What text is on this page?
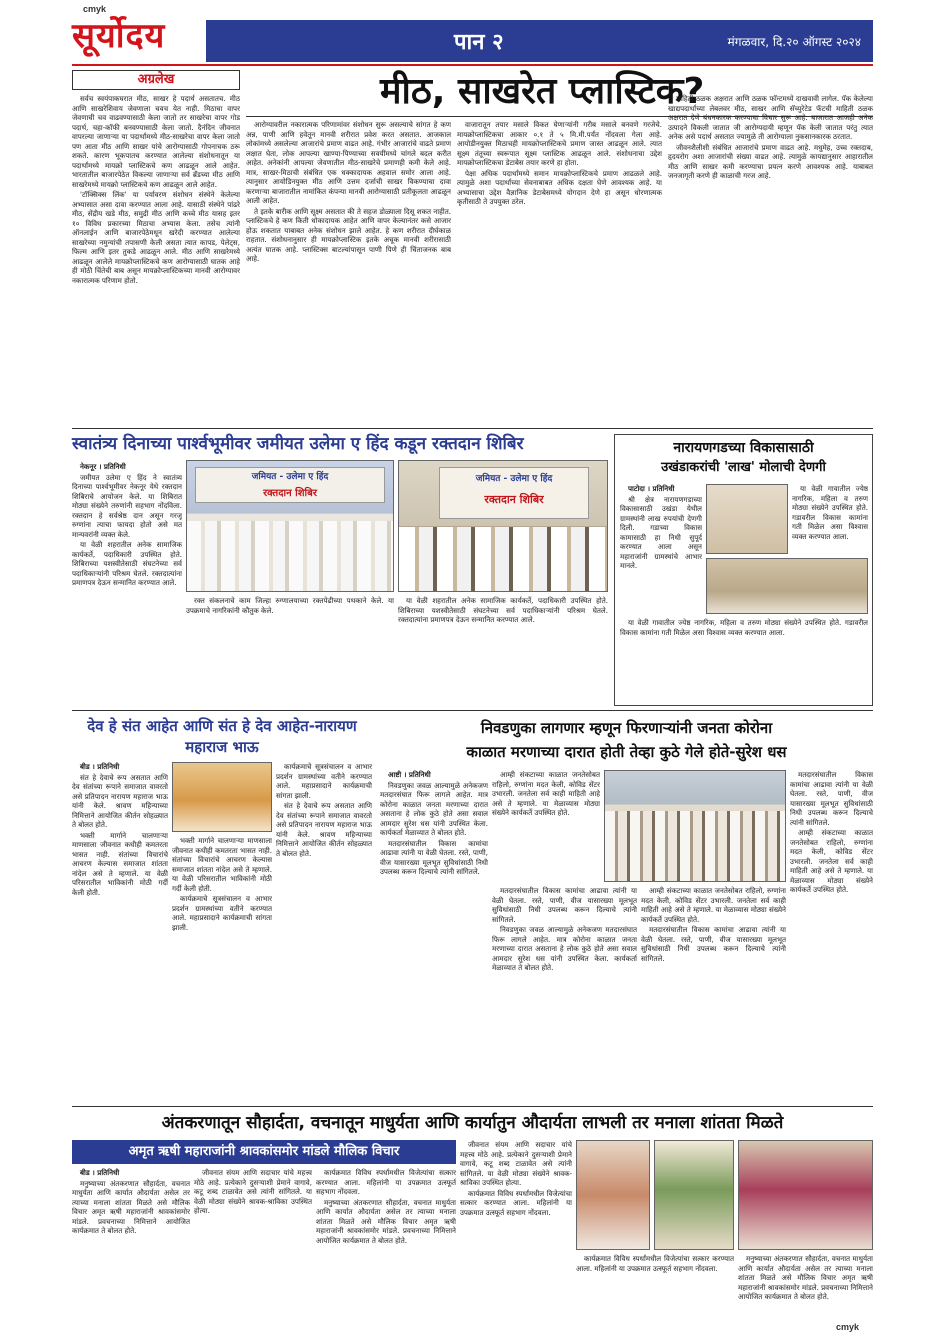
cmyk
सूर्योदय	पान २	मंगळवार, दि.२० ऑगस्ट २०२४
अग्रलेख	मीठ, साखरेत प्लास्टिक?

सर्वच स्वयंपाकघरात मीठ, साखर हे पदार्थ असतातच. मीठ आणि साखरेशिवाय जेवणाला चवच येत नाही. मिठाचा वापर जेवणाची चव वाढवण्यासाठी केला जातो तर साखरेचा वापर गोड पदार्थ, चहा-कॉफी बनवण्यासाठी केला जातो. दैनंदिन जीवनात वापरल्या जाणाऱ्या या पदार्थांमध्ये मीठ-साखरेचा वापर केला जातो पण आता मीठ आणि साखर यांचे आरोग्यासाठी गोपनाचक ठरू शकते. कारण भूकपातच करण्यात आलेल्या संशोधनातून या पदार्थांमध्ये मायक्रो प्लास्टिकचे कण आढळून आले आहेत. भारतातील बाजारपेठेत विकल्या जाणाऱ्या सर्व ब्रँडच्या मीठ आणि साखरेमध्ये मायक्रो प्लास्टिकचे कण आढळून आले आहेत.

'टॉक्सिक्स लिंक' या पर्यावरण संशोधन संस्थेने केलेल्या अभ्यासात असा दावा करण्यात आला आहे. यासाठी संस्थेने पांढरे मीठ, सेंद्रीय खडे मीठ, समुद्री मीठ आणि कच्चे मीठ यासह इतर १० विविध प्रकारच्या मिठाचा अभ्यास केला. तसेच त्यांनी ऑनलाईन आणि बाजारपेठेमधून खरेदी करण्यात आलेल्या साखरेच्या नमुन्यांची तपासणी केली असता त्यात कापड, पेलेट्स, फिल्म आणि इतर तुकडे आढळून आले. मीठ आणि साखरेमध्ये आढळून आलेले मायक्रोप्लास्टिकचे कण आरोग्यासाठी घातक आहे ही मोठी चिंतेची बाब असून मायक्रोप्लास्टिकच्या मानवी आरोग्यावर नकारात्मक परिणाम होतो.

आरोग्यावरील नकारात्मक परिणामांवर संशोधन सुरू असल्याचे सांगत हे कण अन्न, पाणी आणि हवेतून मानवी शरीरात प्रवेश करत असतात. आजकाल लोकांमध्ये असलेल्या आजारांचे प्रमाण वाढत आहे. गंभीर आजारांचे वाढते प्रमाण लक्षात घेता, लोक आपल्या खाण्या-पिण्याच्या सवयींमध्ये चांगले बदल करीत आहेत. अनेकांनी आपल्या जेवणातील मीठ-साखरेचे प्रमाणही कमी केले आहे. मात्र, साखर-मिठाची संबंधित एक धक्कादायक अहवाल समोर आला आहे. त्यानुसार आयोडिनयुक्त मीठ आणि उत्तम दर्जाची साखर विकण्याचा दावा करणाऱ्या बाजारातील नामांकित कंपन्या मानवी आरोग्यासाठी प्रतीकूलता आढळून आली आहेत.

ते इतके बारीक आणि सूक्ष्म असतात की ते सहज डोळ्याला दिसू शकत नाहीत. प्लास्टिकचे हे कण किती धोकादायक आहेत आणि वापर केल्यानंतर कसे आजार होऊ शकतात याबाबत अनेक संशोधन झाले आहेत. हे कण शरीरात दीर्घकाळ राहतात. संशोधनानुसार ही मायक्रोप्लास्टिक इतके अचूक मानवी शरीरासाठी अत्यंत घातक आहे. प्लास्टिक्स बाटल्यांपासून पाणी पिणे ही चिंताजनक बाब आहे.

वाजारातून तयार मसाले विकत घेणाऱ्यांनी गरीब मसाले बनवणे गरजेचे. मायक्रोप्लास्टिकचा आकार ०.१ ते ५ मि.मी.पर्यंत नोंदवला गेला आहे. आयोडीनयुक्त मिठाचही मायक्रोप्लास्टिकचे प्रमाण जास्त आढळून आले. त्यात सूक्ष्म तंतूच्या स्वरूपात सूक्ष्म प्लास्टिक आढळून आले. संशोधनाचा उद्देश मायक्रोप्लास्टिकचा डेटाबेस तयार करणे हा होता.

पेक्षा अधिक पदार्थांमध्ये समान मायक्रोप्लास्टिकचे प्रमाण आढळले आहे. त्यामुळे अशा पदार्थांच्या सेवनाबाबत अधिक दक्षता घेणे आवश्यक आहे. या अभ्यासाचा उद्देश वैज्ञानिक डेटाबेसमध्ये योगदान देणे हा असून धोरणात्मक कृतीसाठी ते उपयुक्त ठरेल.

माहिती ठळक अक्षरात आणि ठळक फॉन्टमध्ये दाखवावी लागेल. पॅक केलेल्या खाद्यपदार्थांच्या लेबलवर मीठ, साखर आणि सॅच्युरेटेड फॅटची माहिती ठळक अक्षरात देणे बंधनकारक करण्याचा विचार सुरू आहे. बाजारात आजही अनेक उत्पादने विकली जातात जी आरोग्यदायी म्हणून पॅक केली जातात परंतु त्यात अनेक असे पदार्थ असतात ज्यामुळे ती आरोग्याला नुकसानकारक ठरतात.

जीवनशैलीशी संबंधित आजारांचे प्रमाण वाढत आहे. मधुमेह, उच्च रक्तदाब, हृदयरोग अशा आजारांची संख्या वाढत आहे. त्यामुळे कायद्यानुसार आहारातील मीठ आणि साखर कमी करण्याचा प्रयत्न करणे आवश्यक आहे. याबाबत जनजागृती करणे ही काळाची गरज आहे.

स्वातंत्र्य दिनाच्या पार्श्वभूमीवर जमीयत उलेमा ए हिंद कडून रक्तदान शिबिर

नेकनूर । प्रतिनिधी

जमीयत उलेमा ए हिंद ने स्वातंत्र्य दिनाच्या पार्श्वभूमीवर नेकनूर येथे रक्तदान शिबिराचे आयोजन केले. या शिबिरात मोठ्या संख्येने तरुणांनी सहभाग नोंदविला. रक्तदान हे सर्वश्रेष्ठ दान असून गरजू रुग्णांना त्याचा फायदा होतो असे मत मान्यवरांनी व्यक्त केले.

या वेळी शहरातील अनेक सामाजिक कार्यकर्ते, पदाधिकारी उपस्थित होते. शिबिराच्या यशस्वीतेसाठी संघटनेच्या सर्व पदाधिकाऱ्यांनी परिश्रम घेतले. रक्तदात्यांना प्रमाणपत्र देऊन सन्मानित करण्यात आले.

जमियत - उलेमा ए हिंद
रक्तदान शिबिर
जमियत - उलेमा ए हिंद
रक्तदान शिबिर

रक्त संकलनाचे काम जिल्हा रुग्णालयाच्या रक्तपेढीच्या पथकाने केले. या उपक्रमाचे नागरिकांनी कौतुक केले.

या वेळी शहरातील अनेक सामाजिक कार्यकर्ते, पदाधिकारी उपस्थित होते. शिबिराच्या यशस्वीतेसाठी संघटनेच्या सर्व पदाधिकाऱ्यांनी परिश्रम घेतले. रक्तदात्यांना प्रमाणपत्र देऊन सन्मानित करण्यात आले.

नारायणगडच्या विकासासाठी
उखंडाकरांची 'लाख' मोलाची देणगी

पाटोदा । प्रतिनिधी

श्री क्षेत्र नारायणगडाच्या विकासासाठी उखंडा येथील ग्रामस्थांनी लाख रुपयांची देणगी दिली. गडाच्या विकास कामासाठी हा निधी सुपूर्द करण्यात आला असून महाराजांनी ग्रामस्थांचे आभार मानले.

या वेळी गावातील ज्येष्ठ नागरिक, महिला व तरुण मोठ्या संख्येने उपस्थित होते. गडावरील विकास कामांना गती मिळेल असा विश्वास व्यक्त करण्यात आला.

या वेळी गावातील ज्येष्ठ नागरिक, महिला व तरुण मोठ्या संख्येने उपस्थित होते. गडावरील विकास कामांना गती मिळेल असा विश्वास व्यक्त करण्यात आला.

देव हे संत आहेत आणि संत हे देव आहेत-नारायण महाराज भाऊ

बीड । प्रतिनिधी

संत हे देवाचे रूप असतात आणि देव संतांच्या रूपाने समाजात वावरतो असे प्रतिपादन नारायण महाराज भाऊ यांनी केले. श्रावण महिन्याच्या निमित्ताने आयोजित कीर्तन सोहळ्यात ते बोलत होते.

भक्ती मार्गाने चालणाऱ्या माणसाला जीवनात कधीही कमतरता भासत नाही. संतांच्या विचारांचे आचरण केल्यास समाजात शांतता नांदेल असे ते म्हणाले. या वेळी परिसरातील भाविकांनी मोठी गर्दी केली होती.

भक्ती मार्गाने चालणाऱ्या माणसाला जीवनात कधीही कमतरता भासत नाही. संतांच्या विचारांचे आचरण केल्यास समाजात शांतता नांदेल असे ते म्हणाले. या वेळी परिसरातील भाविकांनी मोठी गर्दी केली होती.

कार्यक्रमाचे सूत्रसंचालन व आभार प्रदर्शन ग्रामस्थांच्या वतीने करण्यात आले. महाप्रसादाने कार्यक्रमाची सांगता झाली.

कार्यक्रमाचे सूत्रसंचालन व आभार प्रदर्शन ग्रामस्थांच्या वतीने करण्यात आले. महाप्रसादाने कार्यक्रमाची सांगता झाली.

संत हे देवाचे रूप असतात आणि देव संतांच्या रूपाने समाजात वावरतो असे प्रतिपादन नारायण महाराज भाऊ यांनी केले. श्रावण महिन्याच्या निमित्ताने आयोजित कीर्तन सोहळ्यात ते बोलत होते.

निवडणुका लागणार म्हणून फिरणाऱ्यांनी जनता कोरोना
काळात मरणाच्या दारात होती तेव्हा कुठे गेले होते-सुरेश धस

आष्टी । प्रतिनिधी

निवडणुका जवळ आल्यामुळे अनेकजण मतदारसंघात फिरू लागले आहेत. मात्र कोरोना काळात जनता मरणाच्या दारात असताना हे लोक कुठे होते असा सवाल आमदार सुरेश धस यांनी उपस्थित केला. कार्यकर्ता मेळाव्यात ते बोलत होते.

मतदारसंघातील विकास कामांचा आढावा त्यांनी या वेळी घेतला. रस्ते, पाणी, वीज यासारख्या मूलभूत सुविधांसाठी निधी उपलब्ध करून दिल्याचे त्यांनी सांगितले.

आम्ही संकटाच्या काळात जनतेसोबत राहिलो, रुग्णांना मदत केली, कोविड सेंटर उभारली. जनतेला सर्व काही माहिती आहे असे ते म्हणाले. या मेळाव्यास मोठ्या संख्येने कार्यकर्ते उपस्थित होते.

मतदारसंघातील विकास कामांचा आढावा त्यांनी या वेळी घेतला. रस्ते, पाणी, वीज यासारख्या मूलभूत सुविधांसाठी निधी उपलब्ध करून दिल्याचे त्यांनी सांगितले.

आम्ही संकटाच्या काळात जनतेसोबत राहिलो, रुग्णांना मदत केली, कोविड सेंटर उभारली. जनतेला सर्व काही माहिती आहे असे ते म्हणाले. या मेळाव्यास मोठ्या संख्येने कार्यकर्ते उपस्थित होते.

मतदारसंघातील विकास कामांचा आढावा त्यांनी या वेळी घेतला. रस्ते, पाणी, वीज यासारख्या मूलभूत सुविधांसाठी निधी उपलब्ध करून दिल्याचे त्यांनी सांगितले.

निवडणुका जवळ आल्यामुळे अनेकजण मतदारसंघात फिरू लागले आहेत. मात्र कोरोना काळात जनता मरणाच्या दारात असताना हे लोक कुठे होते असा सवाल आमदार सुरेश धस यांनी उपस्थित केला. कार्यकर्ता मेळाव्यात ते बोलत होते.

आम्ही संकटाच्या काळात जनतेसोबत राहिलो, रुग्णांना मदत केली, कोविड सेंटर उभारली. जनतेला सर्व काही माहिती आहे असे ते म्हणाले. या मेळाव्यास मोठ्या संख्येने कार्यकर्ते उपस्थित होते.

मतदारसंघातील विकास कामांचा आढावा त्यांनी या वेळी घेतला. रस्ते, पाणी, वीज यासारख्या मूलभूत सुविधांसाठी निधी उपलब्ध करून दिल्याचे त्यांनी सांगितले.

अंतकरणातून सौहार्दता, वचनातून माधुर्यता आणि कार्यातुन औदार्यता लाभली तर मनाला शांतता मिळते
अमृत ऋषी महाराजांनी श्रावकांसमोर मांडले मौलिक विचार

बीड । प्रतिनिधी

मनुष्याच्या अंतकरणात सौहार्दता, वचनात माधुर्यता आणि कार्यात औदार्यता असेल तर त्याच्या मनाला शांतता मिळते असे मौलिक विचार अमृत ऋषी महाराजांनी श्रावकांसमोर मांडले. प्रवचनाच्या निमित्ताने आयोजित कार्यक्रमात ते बोलत होते.

जीवनात संयम आणि सदाचार यांचे महत्त्व मोठे आहे. प्रत्येकाने दुसऱ्याशी प्रेमाने वागावे, कटू शब्द टाळावेत असे त्यांनी सांगितले. या वेळी मोठ्या संख्येने श्रावक-श्राविका उपस्थित होत्या.

कार्यक्रमात विविध स्पर्धांमधील विजेत्यांचा सत्कार करण्यात आला. महिलांनी या उपक्रमात उत्स्फूर्त सहभाग नोंदवला.

मनुष्याच्या अंतकरणात सौहार्दता, वचनात माधुर्यता आणि कार्यात औदार्यता असेल तर त्याच्या मनाला शांतता मिळते असे मौलिक विचार अमृत ऋषी महाराजांनी श्रावकांसमोर मांडले. प्रवचनाच्या निमित्ताने आयोजित कार्यक्रमात ते बोलत होते.

जीवनात संयम आणि सदाचार यांचे महत्त्व मोठे आहे. प्रत्येकाने दुसऱ्याशी प्रेमाने वागावे, कटू शब्द टाळावेत असे त्यांनी सांगितले. या वेळी मोठ्या संख्येने श्रावक-श्राविका उपस्थित होत्या.

कार्यक्रमात विविध स्पर्धांमधील विजेत्यांचा सत्कार करण्यात आला. महिलांनी या उपक्रमात उत्स्फूर्त सहभाग नोंदवला.

कार्यक्रमात विविध स्पर्धांमधील विजेत्यांचा सत्कार करण्यात आला. महिलांनी या उपक्रमात उत्स्फूर्त सहभाग नोंदवला.

मनुष्याच्या अंतकरणात सौहार्दता, वचनात माधुर्यता आणि कार्यात औदार्यता असेल तर त्याच्या मनाला शांतता मिळते असे मौलिक विचार अमृत ऋषी महाराजांनी श्रावकांसमोर मांडले. प्रवचनाच्या निमित्ताने आयोजित कार्यक्रमात ते बोलत होते.

cmyk
